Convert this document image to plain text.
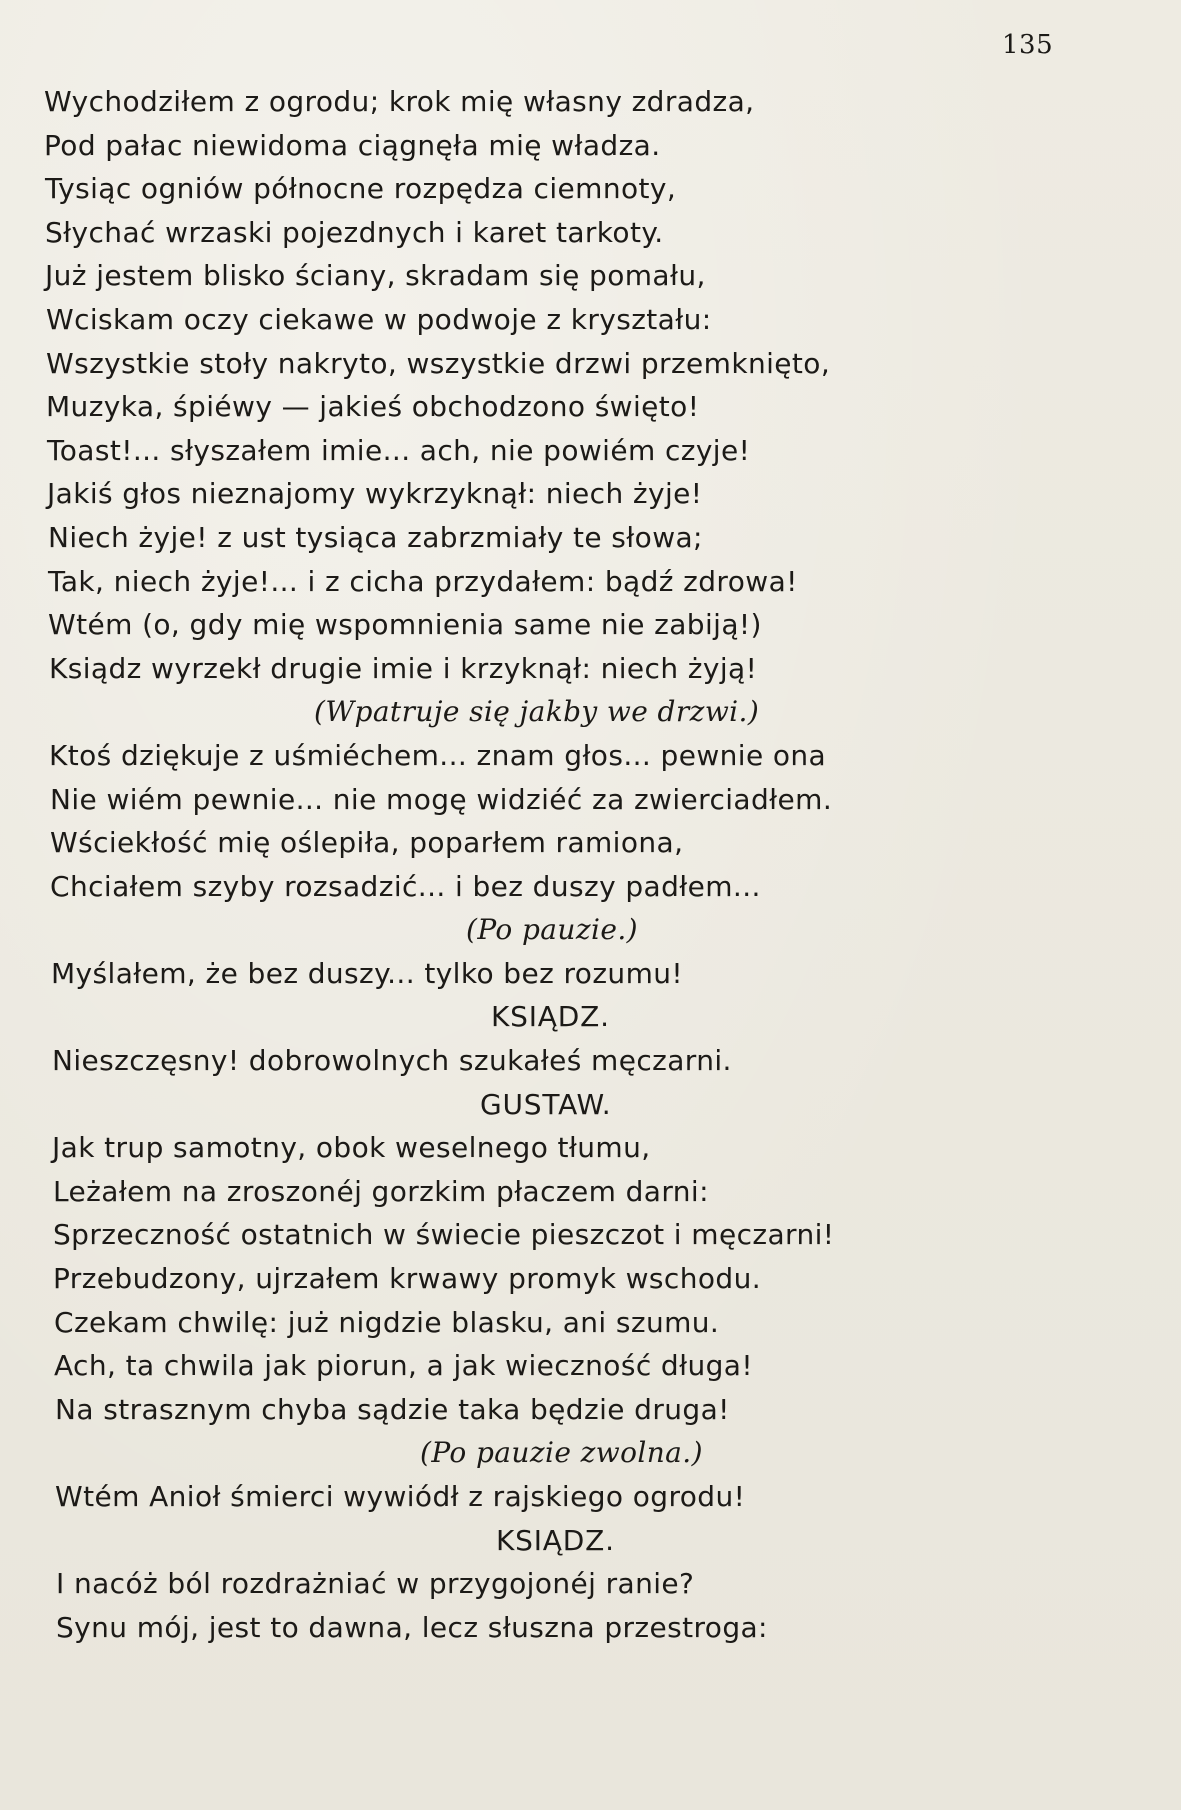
135
Wychodziłem z ogrodu; krok mię własny zdradza,
Pod pałac niewidoma ciągnęła mię władza.
Tysiąc ogniów północne rozpędza ciemnoty,
Słychać wrzaski pojezdnych i karet tarkoty.
Już jestem blisko ściany, skradam się pomału,
Wciskam oczy ciekawe w podwoje z kryształu:
Wszystkie stoły nakryto, wszystkie drzwi przemknięto,
Muzyka, śpiéwy — jakieś obchodzono święto!
Toast!... słyszałem imie... ach, nie powiém czyje!
Jakiś głos nieznajomy wykrzyknął: niech żyje!
Niech żyje! z ust tysiąca zabrzmiały te słowa;
Tak, niech żyje!... i z cicha przydałem: bądź zdrowa!
Wtém (o, gdy mię wspomnienia same nie zabiją!)
Ksiądz wyrzekł drugie imie i krzyknął: niech żyją!
(Wpatruje się jakby we drzwi.)
Ktoś dziękuje z uśmiéchem... znam głos... pewnie ona
Nie wiém pewnie... nie mogę widziéć za zwierciadłem.
Wściekłość mię oślepiła, poparłem ramiona,
Chciałem szyby rozsadzić... i bez duszy padłem...
(Po pauzie.)
Myślałem, że bez duszy... tylko bez rozumu!
KSIĄDZ.
Nieszczęsny! dobrowolnych szukałeś męczarni.
GUSTAW.
Jak trup samotny, obok weselnego tłumu,
Leżałem na zroszonéj gorzkim płaczem darni:
Sprzeczność ostatnich w świecie pieszczot i męczarni!
Przebudzony, ujrzałem krwawy promyk wschodu.
Czekam chwilę: już nigdzie blasku, ani szumu.
Ach, ta chwila jak piorun, a jak wieczność długa!
Na strasznym chyba sądzie taka będzie druga!
(Po pauzie zwolna.)
Wtém Anioł śmierci wywiódł z rajskiego ogrodu!
KSIĄDZ.
I nacóż ból rozdrażniać w przygojonéj ranie?
Synu mój, jest to dawna, lecz słuszna przestroga:
